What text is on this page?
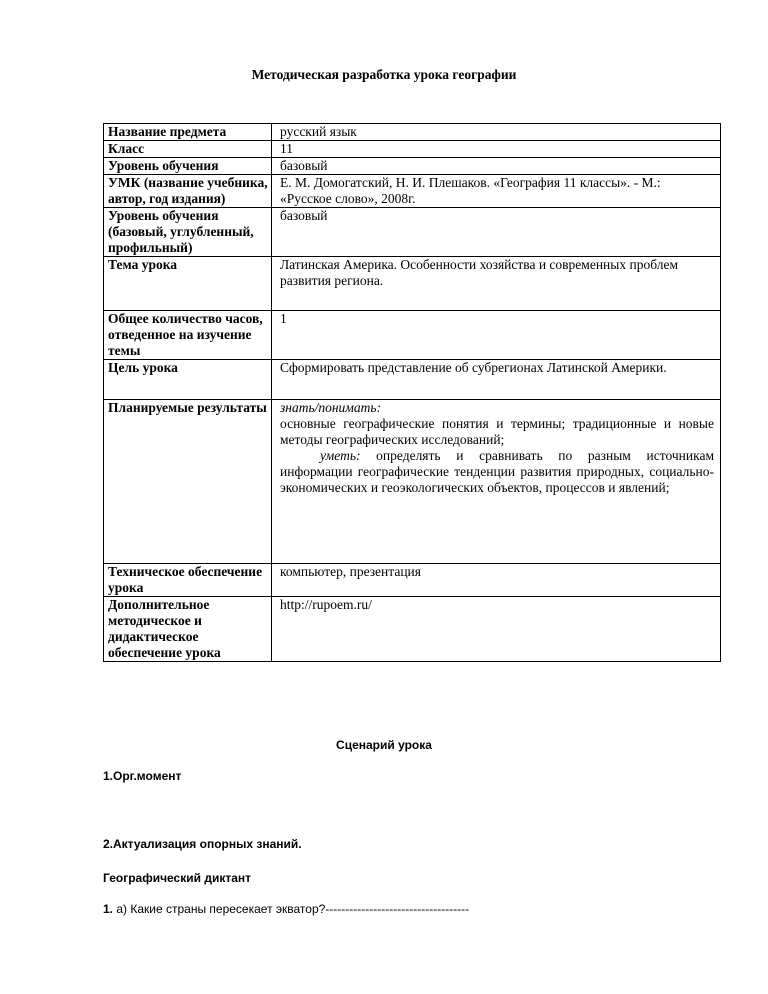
Методическая разработка урока географии
Название предмета	русский язык
Класс	11
Уровень обучения	базовый
УМК (название учебника, автор, год издания)	Е. М. Домогатский, Н. И. Плешаков. «География 11 классы». - М.: «Русское слово», 2008г.
Уровень обучения (базовый, углубленный, профильный)	базовый
Тема урока	Латинская Америка. Особенности хозяйства и современных проблем развития региона.
Общее количество часов, отведенное на изучение темы	1
Цель урока	Сформировать представление об субрегионах Латинской Америки.
Планируемые результаты	знать/понимать:
основные географические понятия и термины; традиционные и новые методы географических исследований;
уметь: определять и сравнивать по разным источникам информации географические тенденции развития природных, социально-экономических и геоэкологических объектов, процессов и явлений;

Техническое обеспечение урока	компьютер, презентация
Дополнительное методическое и дидактическое обеспечение урока	http://rupoem.ru/
Сценарий урока
1.Орг.момент
2.Актуализация опорных знаний.
Географический диктант
1. а) Какие страны пересекает экватор?------------------------------------
